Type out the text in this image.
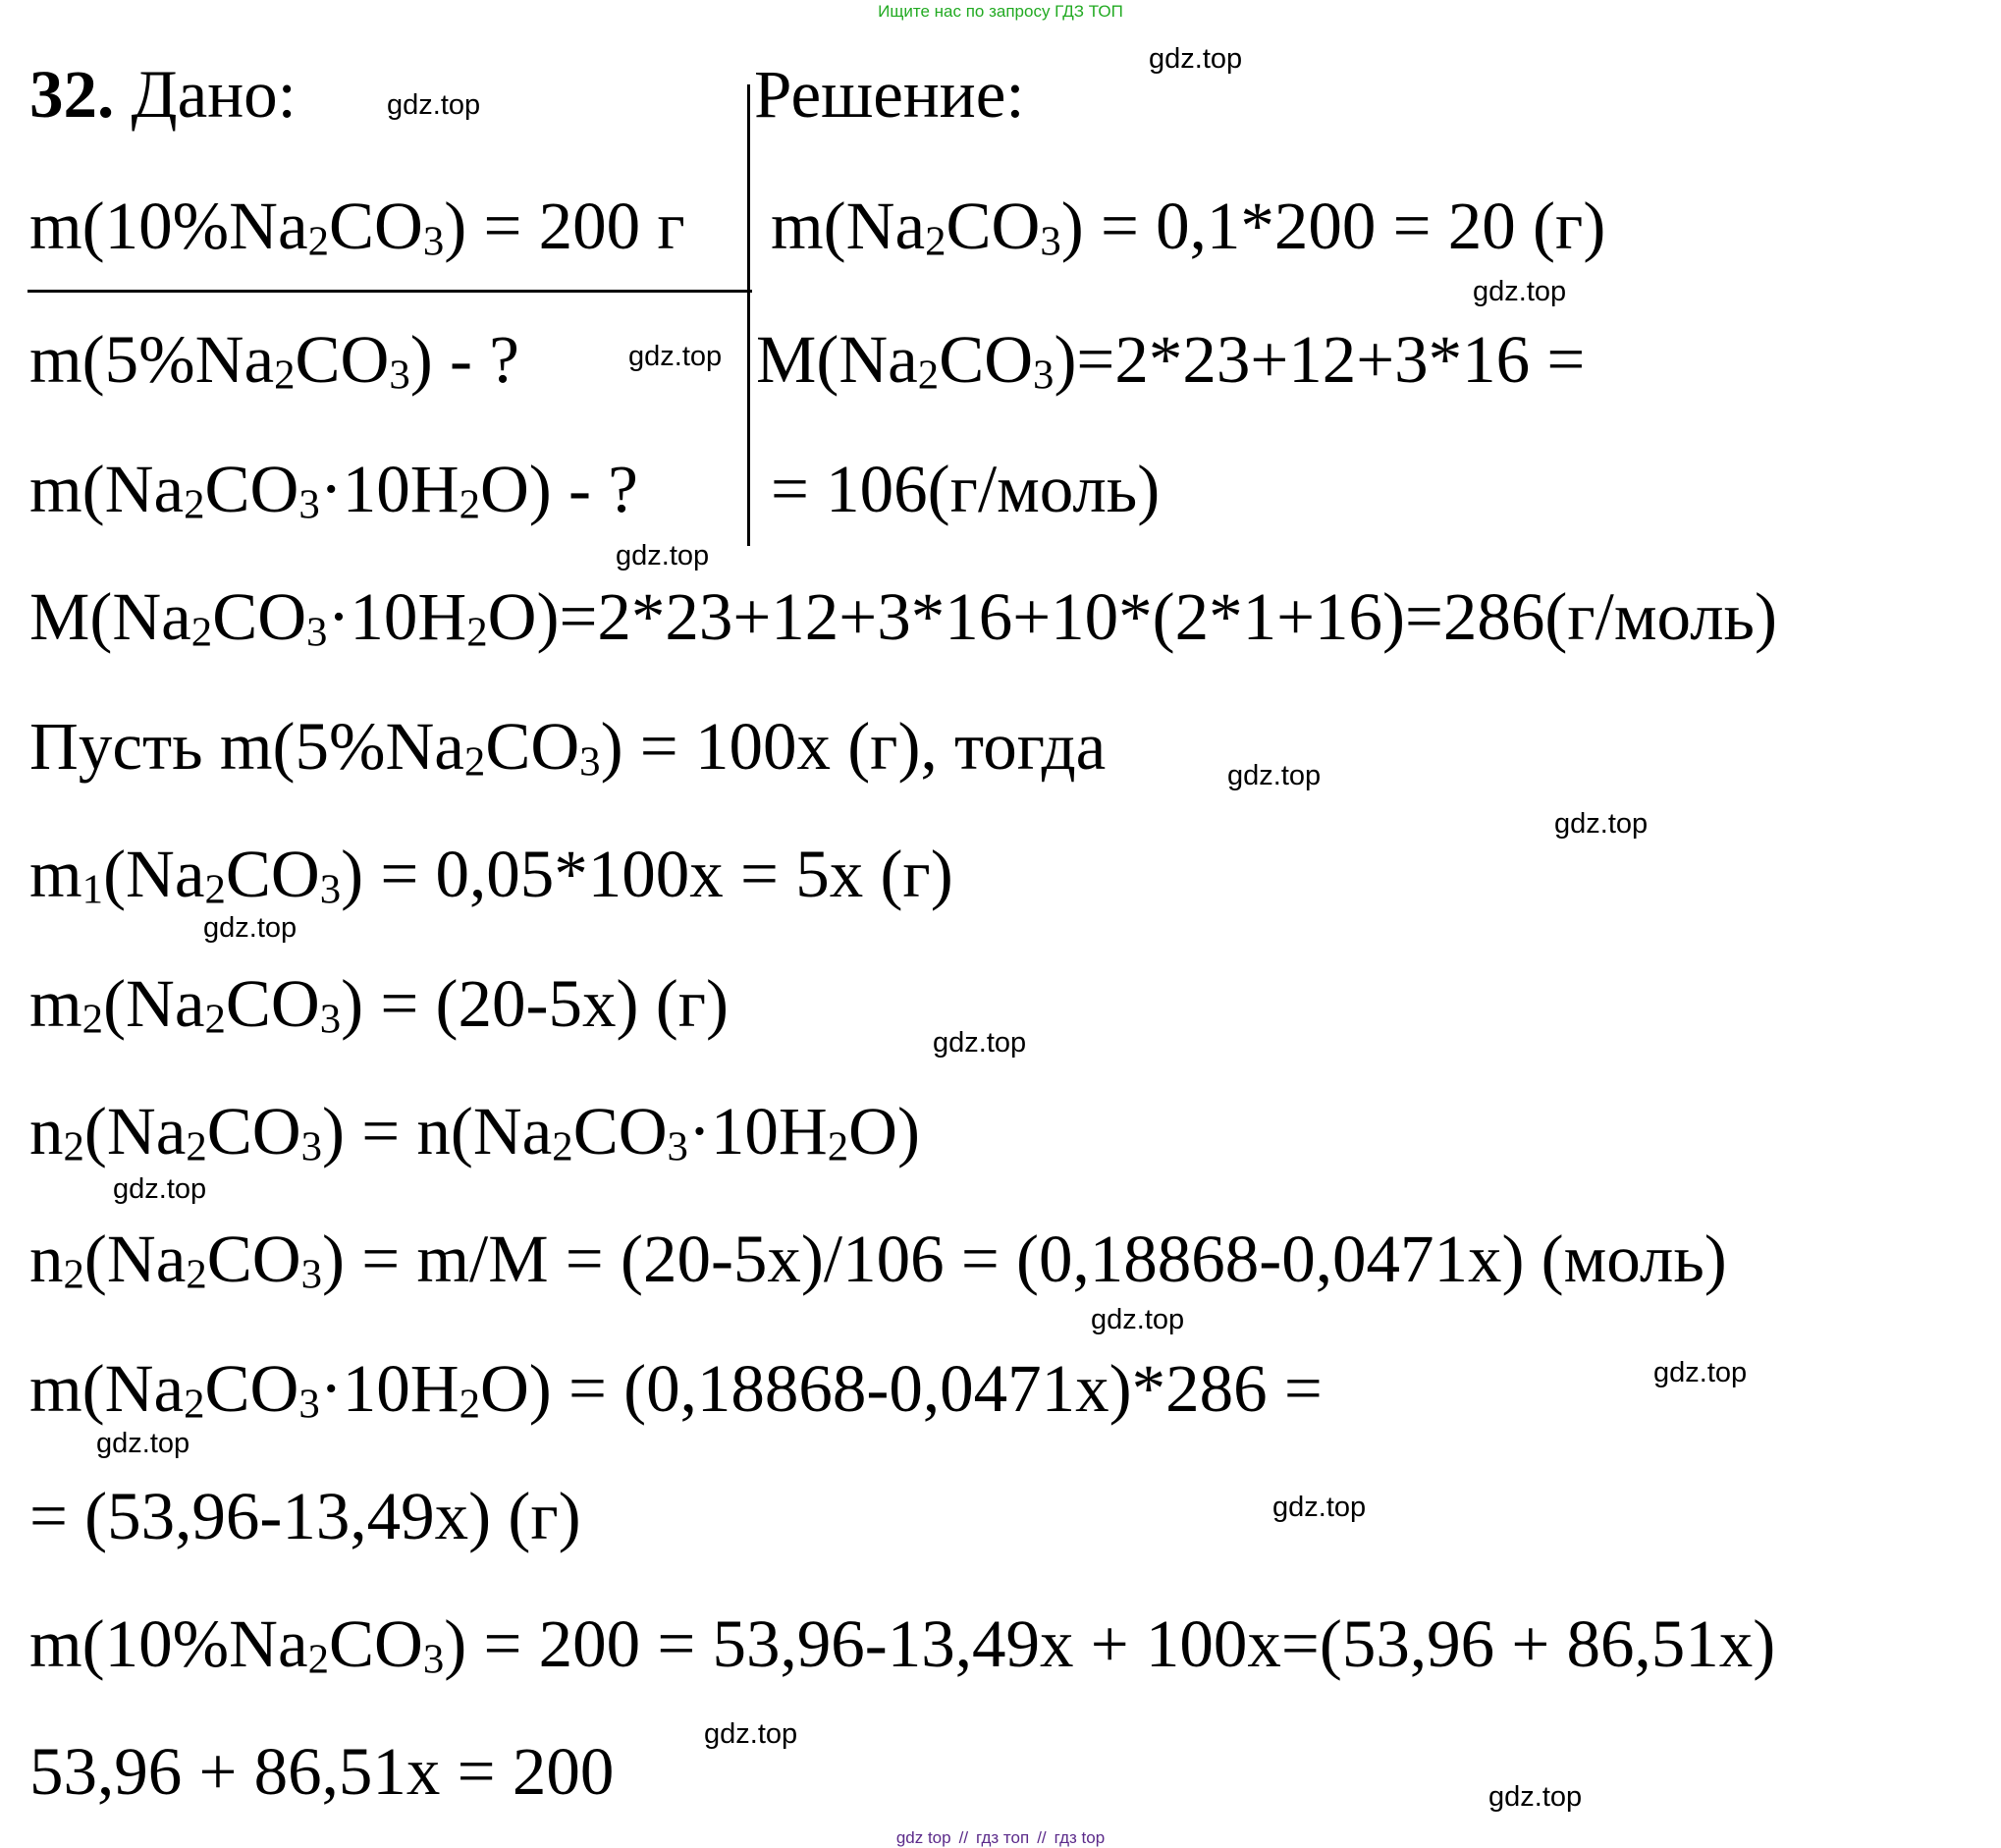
Ищите нас по запросу ГДЗ ТОП
32. Дано:	Решение:
$m(10\%Na_2CO_3) = 200$ г
$m(5\%Na_2CO_3)$ - ?
$m(Na_2CO_3\cdot 10H_2O)$ - ?
$m(Na_2CO_3) = 0,1*200 = 20$ (г)
$M(Na_2CO_3)=2*23+12+3*16$ =
= 106(г/моль)
$M(Na_2CO_3\cdot 10H_2O)=2*23+12+3*16+10*(2*1+16)=286(г/моль)$
Пусть $m(5\%Na_2CO_3) = 100x$ (г), тогда
$m_1(Na_2CO_3) = 0,05*100x = 5x$ (г)
$m_2(Na_2CO_3) = (20-5x)$ (г)
$n_2(Na_2CO_3) = n(Na_2CO_3\cdot 10H_2O)$
$n_2(Na_2CO_3) = m/M = (20-5x)/106 = (0,18868-0,0471x)$ (моль)
$m(Na_2CO_3\cdot 10H_2O) = (0,18868-0,0471x)*286$ =
= (53,96-13,49x) (г)
$m(10\%Na_2CO_3) = 200 = 53,96-13,49x + 100x=(53,96 + 86,51x)$
53,96 + 86,51x = 200
gdz.top
gdz.top
gdz.top
gdz.top
gdz.top
gdz.top
gdz.top
gdz.top
gdz.top
gdz.top
gdz.top
gdz.top
gdz.top
gdz.top
gdz.top
gdz.top
gdz top // гдз топ // гдз top
